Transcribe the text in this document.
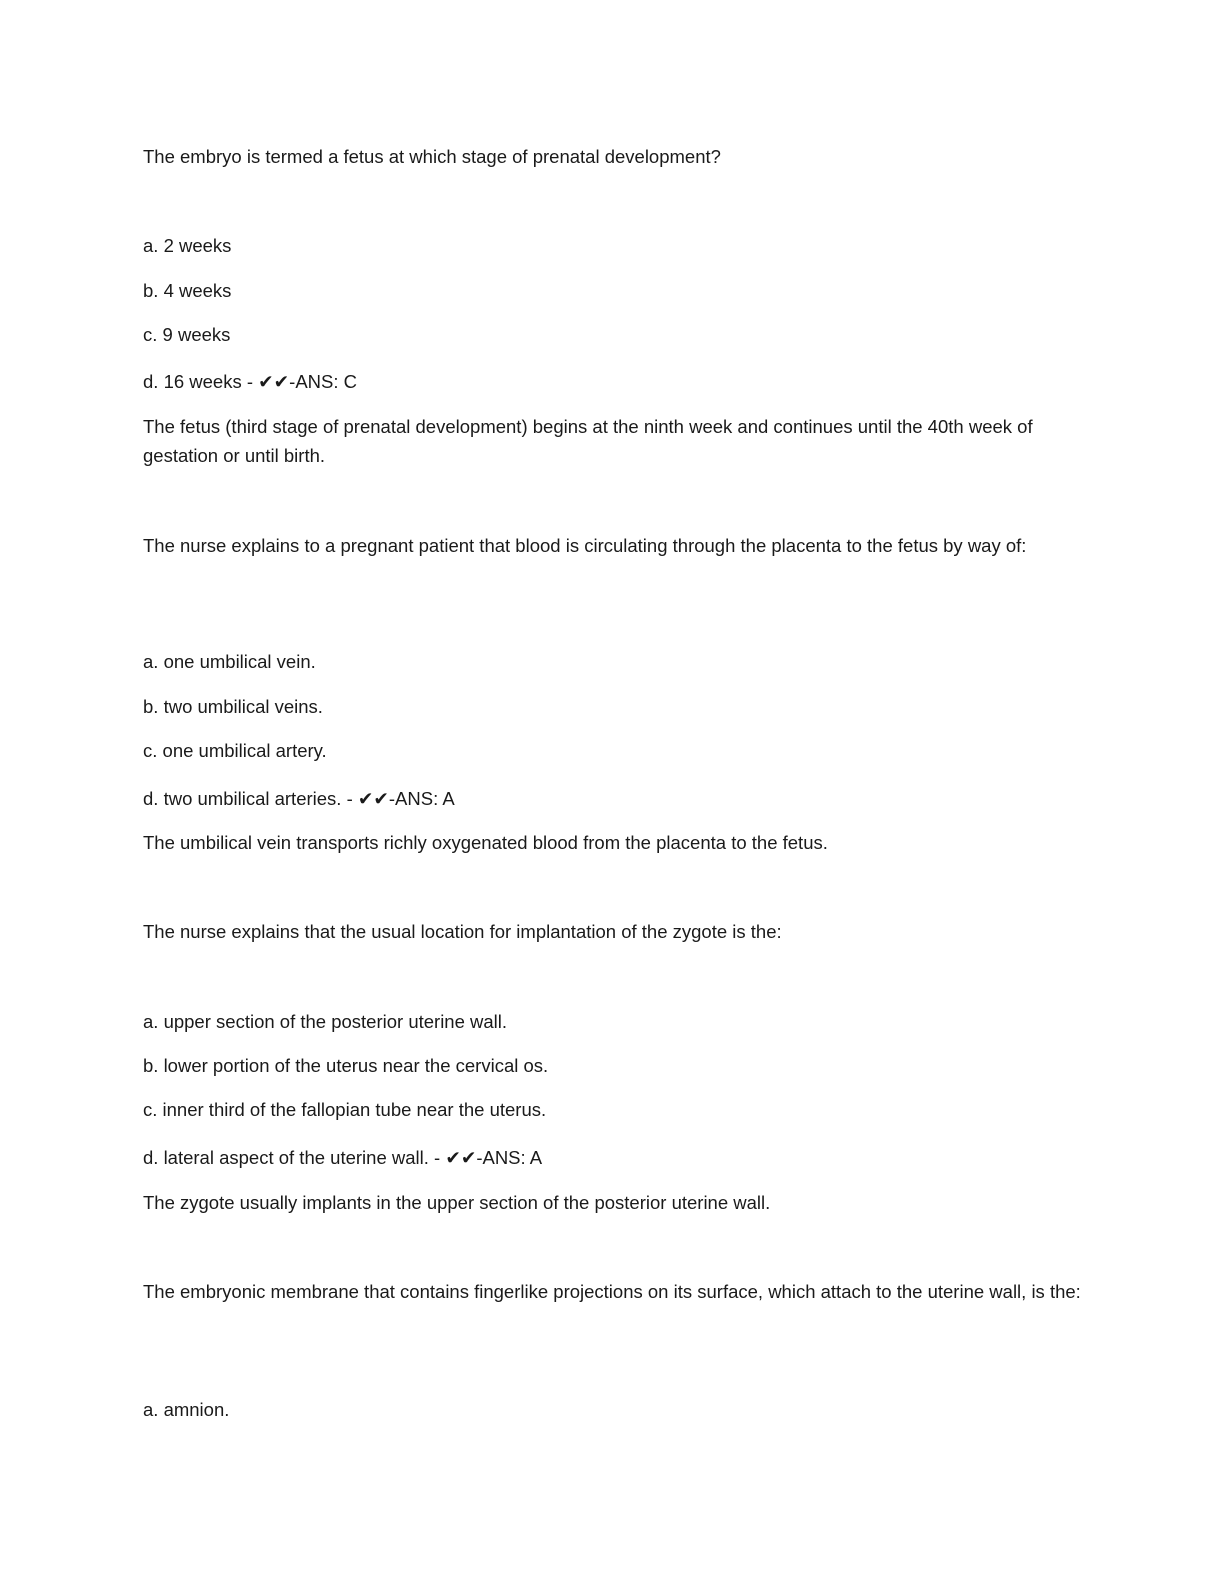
The embryo is termed a fetus at which stage of prenatal development?
a. 2 weeks
b. 4 weeks
c. 9 weeks
d. 16 weeks - ✔✔-ANS: C
The fetus (third stage of prenatal development) begins at the ninth week and continues until the 40th week of gestation or until birth.
The nurse explains to a pregnant patient that blood is circulating through the placenta to the fetus by way of:
a. one umbilical vein.
b. two umbilical veins.
c. one umbilical artery.
d. two umbilical arteries. - ✔✔-ANS: A
The umbilical vein transports richly oxygenated blood from the placenta to the fetus.
The nurse explains that the usual location for implantation of the zygote is the:
a. upper section of the posterior uterine wall.
b. lower portion of the uterus near the cervical os.
c. inner third of the fallopian tube near the uterus.
d. lateral aspect of the uterine wall. - ✔✔-ANS: A
The zygote usually implants in the upper section of the posterior uterine wall.
The embryonic membrane that contains fingerlike projections on its surface, which attach to the uterine wall, is the:
a. amnion.
